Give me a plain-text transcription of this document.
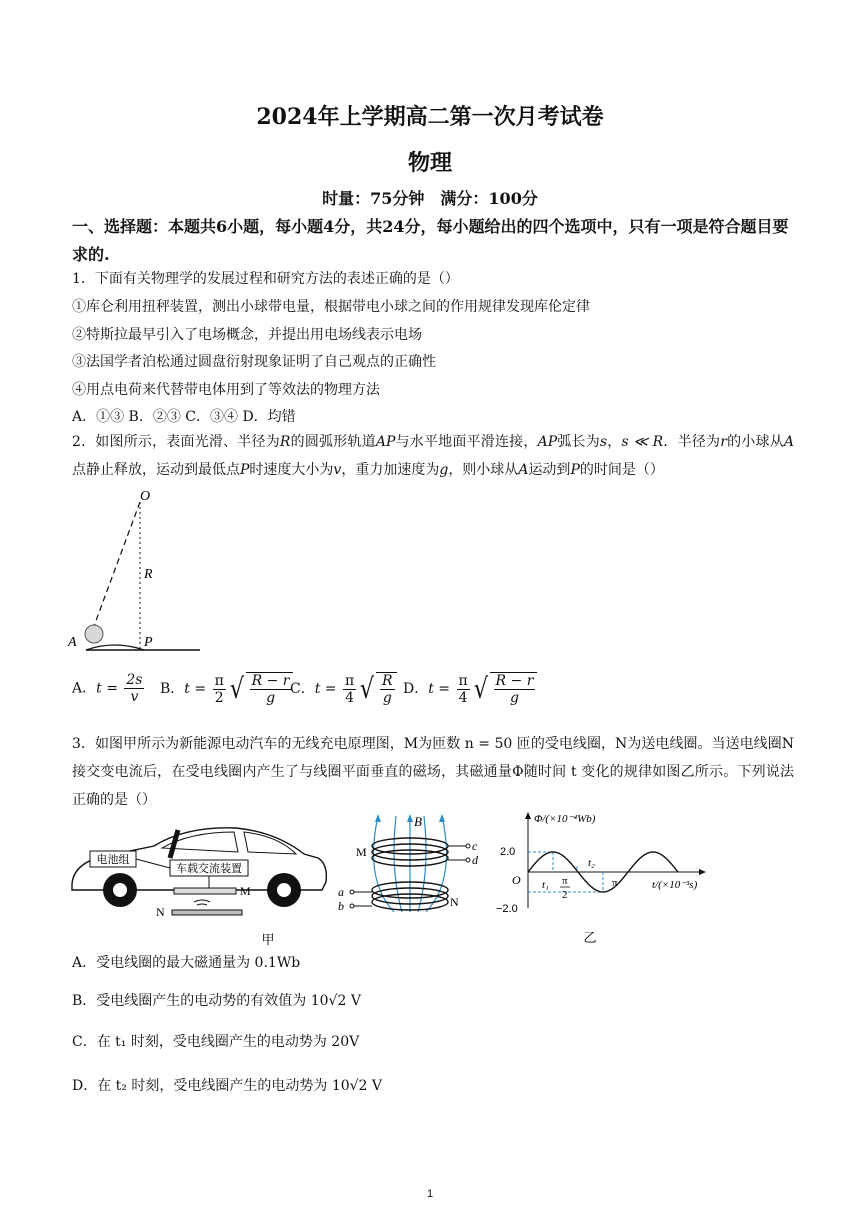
2024年上学期高二第一次月考试卷
物理
时量：75分钟　满分：100分
一、选择题：本题共6小题，每小题4分，共24分，每小题给出的四个选项中，只有一项是符合题目要求的.
1．下面有关物理学的发展过程和研究方法的表述正确的是（）
①库仑利用扭秤装置，测出小球带电量，根据带电小球之间的作用规律发现库伦定律
②特斯拉最早引入了电场概念，并提出用电场线表示电场
③法国学者泊松通过圆盘衍射现象证明了自己观点的正确性
④用点电荷来代替带电体用到了等效法的物理方法
A．①③ B．②③ C．③④ D．均错
2．如图所示，表面光滑、半径为R的圆弧形轨道AP与水平地面平滑连接，AP弧长为s，s ≪ R．半径为r的小球从A点静止释放，运动到最低点P时速度大小为v，重力加速度为g，则小球从A运动到P的时间是（）
O
R
A	P
A．$t = \frac{2s}{v}$ B．$t = \frac{\pi}{2}$ √ $\frac{R - r}{g}$
C．$t = \frac{\pi}{4}$ √ $\frac{R}{g}$ D．$t = \frac{\pi}{4}$ √ $\frac{R - r}{g}$
3．如图甲所示为新能源电动汽车的无线充电原理图，M为匝数 n = 50 匝的受电线圈，N为送电线圈。当送电线圈N接交变电流后，在受电线圈内产生了与线圈平面垂直的磁场，其磁通量Φ随时间 t 变化的规律如图乙所示。下列说法正确的是（）
电池组
车载交流装置
M
N
甲
B
M	c
d
N
a
b
Φ/(×10⁻⁴Wb)
t/(×10⁻³s)
O
2.0
−2.0
t₁
t₂
π
2
π
乙
A．受电线圈的最大磁通量为 0.1Wb
B．受电线圈产生的电动势的有效值为 10√2 V
C．在 t₁ 时刻，受电线圈产生的电动势为 20V
D．在 t₂ 时刻，受电线圈产生的电动势为 10√2 V
1
